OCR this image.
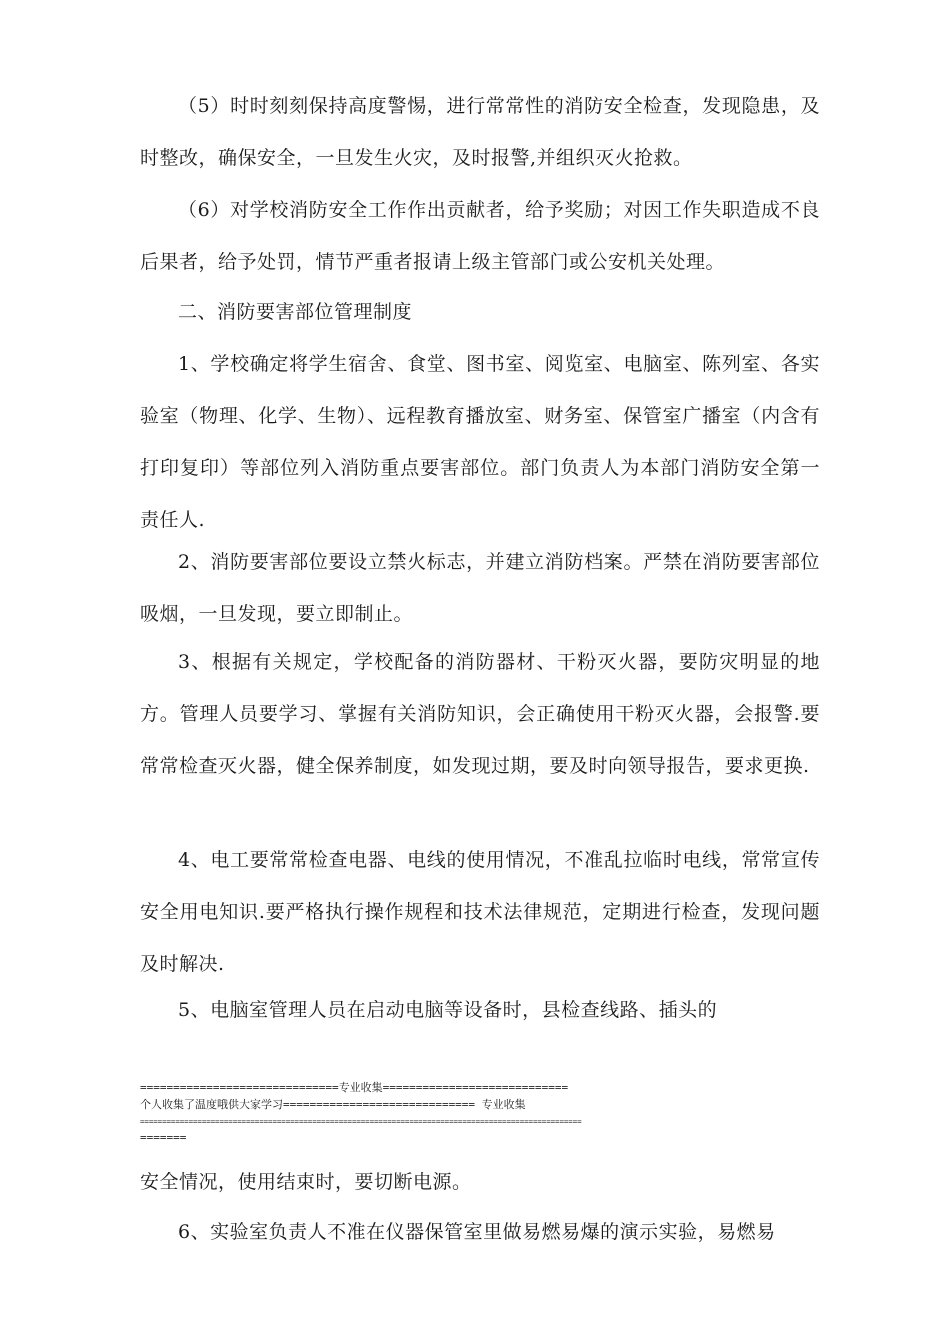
（5）时时刻刻保持高度警惕，进行常常性的消防安全检查，发现隐患，及时整改，确保安全，一旦发生火灾，及时报警,并组织灭火抢救。

（6）对学校消防安全工作作出贡献者，给予奖励；对因工作失职造成不良后果者，给予处罚，情节严重者报请上级主管部门或公安机关处理。

二、消防要害部位管理制度

1、学校确定将学生宿舍、食堂、图书室、阅览室、电脑室、陈列室、各实验室（物理、化学、生物）、远程教育播放室、财务室、保管室广播室（内含有打印复印）等部位列入消防重点要害部位。部门负责人为本部门消防安全第一责任人.

2、消防要害部位要设立禁火标志，并建立消防档案。严禁在消防要害部位吸烟，一旦发现，要立即制止。

3、根据有关规定，学校配备的消防器材、干粉灭火器，要防灾明显的地方。管理人员要学习、掌握有关消防知识，会正确使用干粉灭火器，会报警.要常常检查灭火器，健全保养制度，如发现过期，要及时向领导报告，要求更换.

4、电工要常常检查电器、电线的使用情况，不准乱拉临时电线，常常宣传安全用电知识.要严格执行操作规程和技术法律规范，定期进行检查，发现问题及时解决.

5、电脑室管理人员在启动电脑等设备时，县检查线路、插头的

==============================专业收集============================

个人收集了温度哦供大家学习============================= 专业收集

====================================================================================================

=======

安全情况，使用结束时，要切断电源。

6、实验室负责人不准在仪器保管室里做易燃易爆的演示实验，易燃易
